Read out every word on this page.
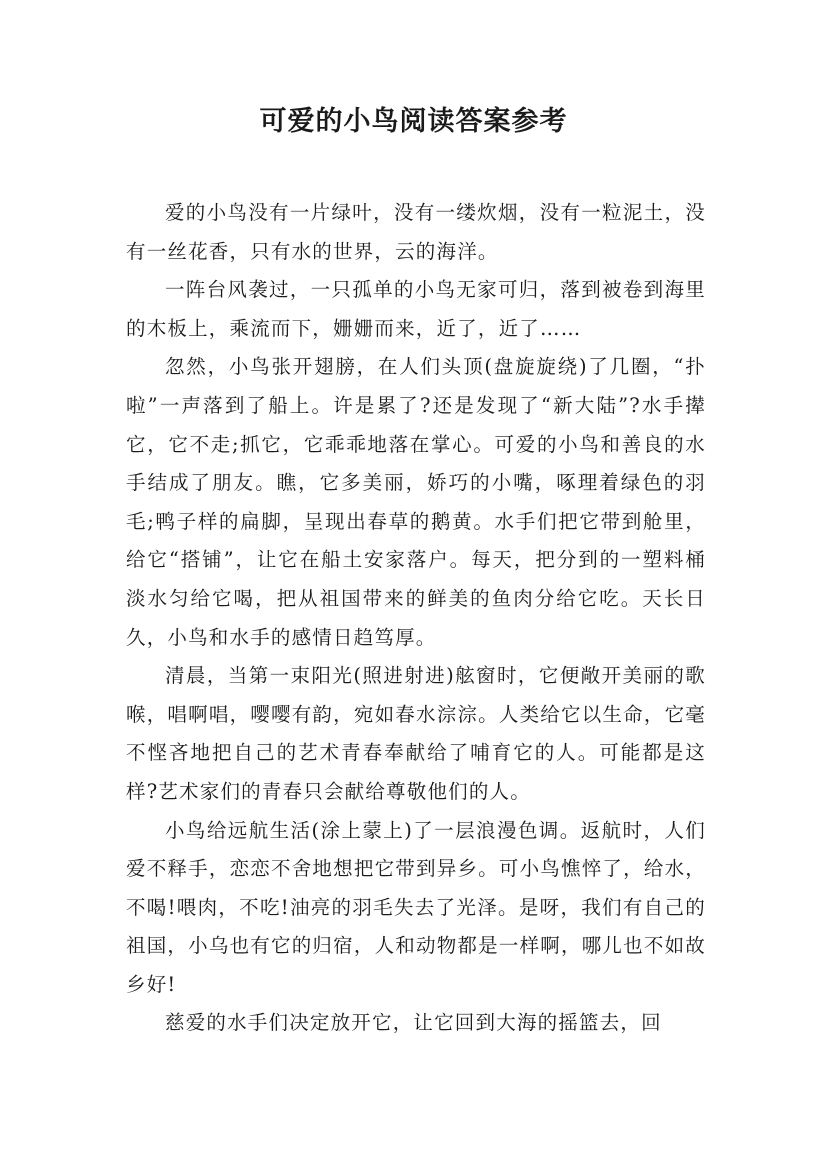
可爱的小鸟阅读答案参考

爱的小鸟没有一片绿叶，没有一缕炊烟，没有一粒泥土，没有一丝花香，只有水的世界，云的海洋。

一阵台风袭过，一只孤单的小鸟无家可归，落到被卷到海里的木板上，乘流而下，姗姗而来，近了，近了……

忽然，小鸟张开翅膀，在人们头顶(盘旋旋绕)了几圈，“扑啦”一声落到了船上。许是累了?还是发现了“新大陆”?水手撵它，它不走;抓它，它乖乖地落在掌心。可爱的小鸟和善良的水手结成了朋友。瞧，它多美丽，娇巧的小嘴，啄理着绿色的羽毛;鸭子样的扁脚，呈现出春草的鹅黄。水手们把它带到舱里，给它“搭铺”，让它在船土安家落户。每天，把分到的一塑料桶淡水匀给它喝，把从祖国带来的鲜美的鱼肉分给它吃。天长日久，小鸟和水手的感情日趋笃厚。

清晨，当第一束阳光(照进射进)舷窗时，它便敞开美丽的歌喉，唱啊唱，嘤嘤有韵，宛如春水淙淙。人类给它以生命，它毫不悭吝地把自己的艺术青春奉献给了哺育它的人。可能都是这样?艺术家们的青春只会献给尊敬他们的人。

小鸟给远航生活(涂上蒙上)了一层浪漫色调。返航时，人们爱不释手，恋恋不舍地想把它带到异乡。可小鸟憔悴了，给水，不喝!喂肉，不吃!油亮的羽毛失去了光泽。是呀，我们有自己的祖国，小乌也有它的归宿，人和动物都是一样啊，哪儿也不如故乡好!

慈爱的水手们决定放开它，让它回到大海的摇篮去，回
